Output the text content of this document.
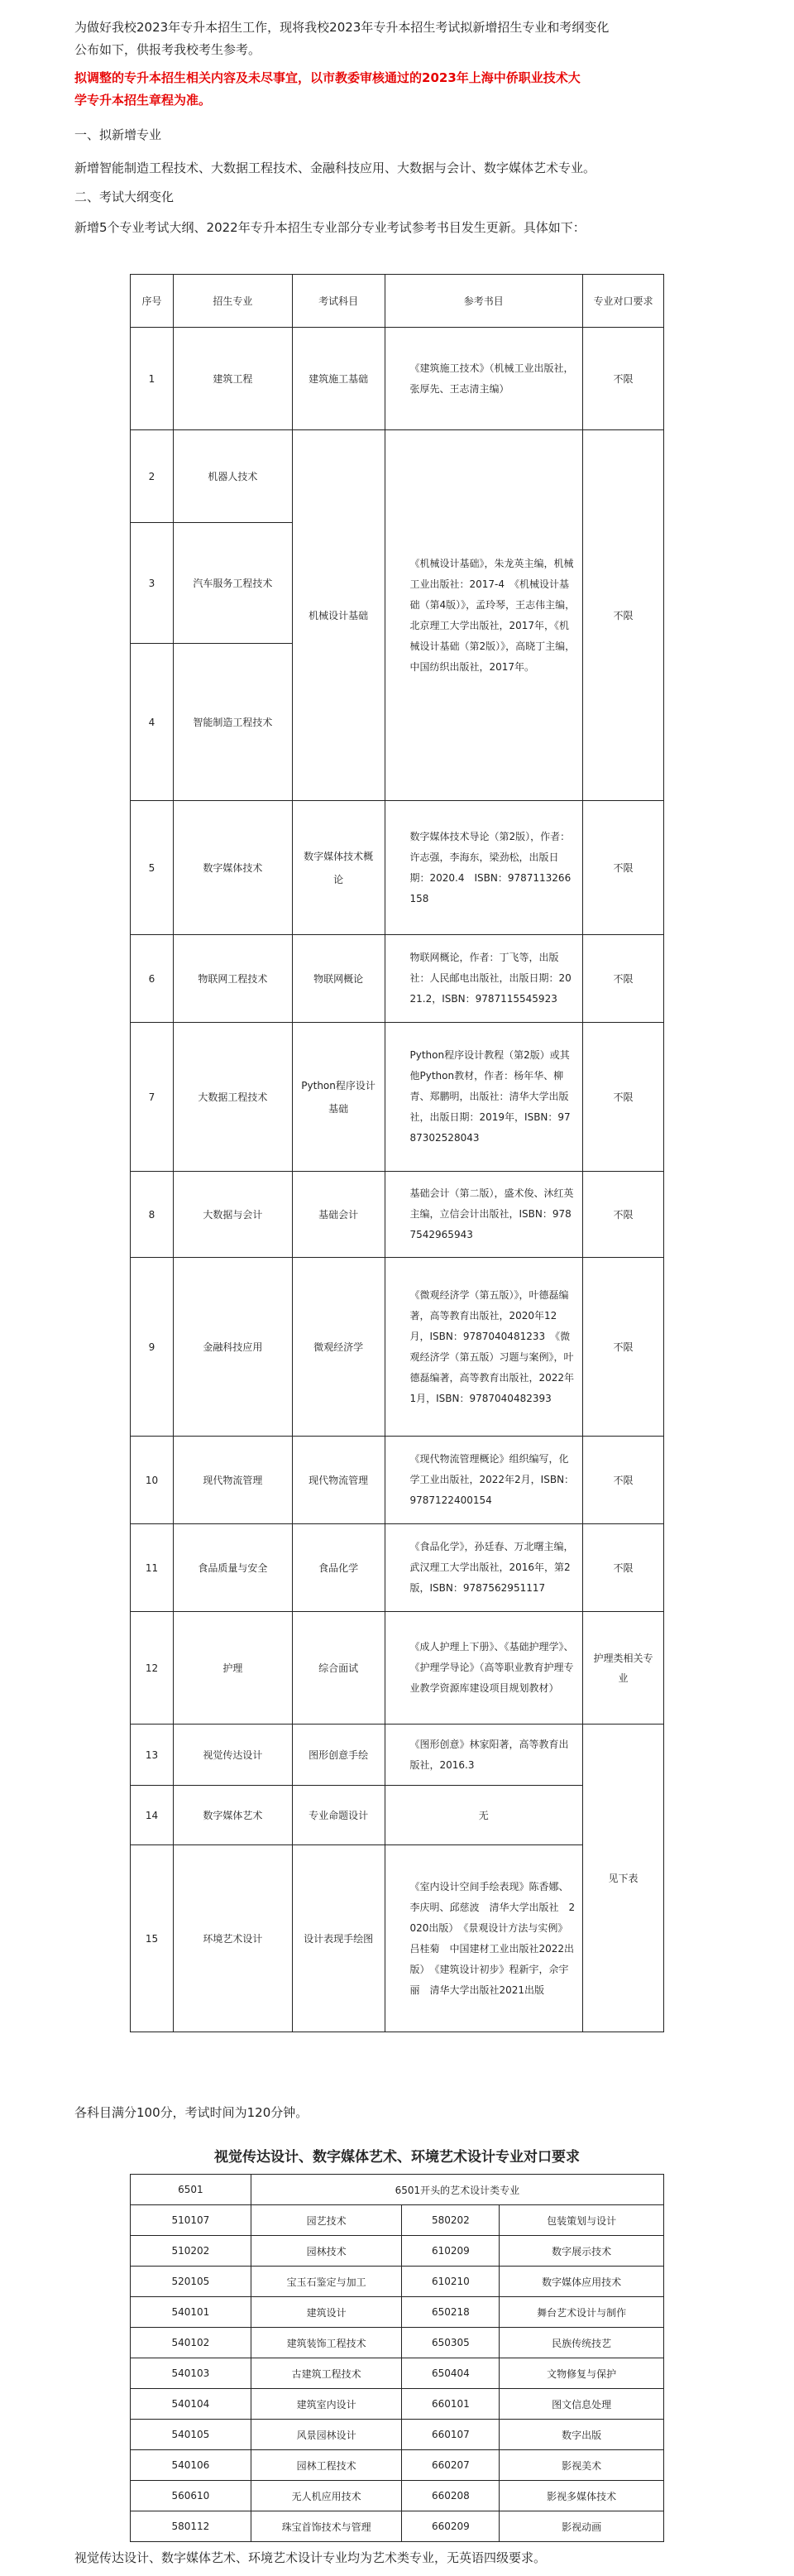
为做好我校2023年专升本招生工作，现将我校2023年专升本招生考试拟新增招生专业和考纲变化

公布如下，供报考我校考生参考。

拟调整的专升本招生相关内容及未尽事宜，以市教委审核通过的2023年上海中侨职业技术大

学专升本招生章程为准。

一、拟新增专业

新增智能制造工程技术、大数据工程技术、金融科技应用、大数据与会计、数字媒体艺术专业。

二、考试大纲变化

新增5个专业考试大纲、2022年专升本招生专业部分专业考试参考书目发生更新。具体如下：

序号	招生专业	考试科目	参考书目	专业对口要求
1	建筑工程	建筑施工基础	《建筑施工技术》（机械工业出版社，张厚先、王志清主编）	不限
2	机器人技术	机械设计基础	《机械设计基础》，朱龙英主编，机械工业出版社：2017-4　《机械设计基础（第4版）》，孟玲琴，王志伟主编，北京理工大学出版社，2017年，《机械设计基础（第2版）》，高晓丁主编，中国纺织出版社，2017年。	不限
3	汽车服务工程技术			
4	智能制造工程技术			
5	数字媒体技术	数字媒体技术概论	数字媒体技术导论（第2版），作者：许志强，李海东，梁劲松，出版日期：2020.4　ISBN：9787113266158	不限
6	物联网工程技术	物联网概论	物联网概论，作者：丁飞等，出版社：人民邮电出版社，出版日期：2021.2，ISBN：9787115545923	不限
7	大数据工程技术	Python程序设计基础	Python程序设计教程（第2版）或其他Python教材，作者：杨年华、柳青、郑鹏明，出版社：清华大学出版社，出版日期：2019年，ISBN：9787302528043	不限
8	大数据与会计	基础会计	基础会计（第二版），盛术俊、沐红英主编，立信会计出版社，ISBN：9787542965943	不限
9	金融科技应用	微观经济学	《微观经济学（第五版）》，叶德磊编著，高等教育出版社，2020年12月，ISBN：9787040481233　《微观经济学（第五版）习题与案例》，叶德磊编著，高等教育出版社，2022年1月，ISBN：9787040482393	不限
10	现代物流管理	现代物流管理	《现代物流管理概论》组织编写，化学工业出版社，2022年2月，ISBN：9787122400154	不限
11	食品质量与安全	食品化学	《食品化学》，孙廷春、万北曙主编，武汉理工大学出版社，2016年，第2版，ISBN：9787562951117	不限
12	护理	综合面试	《成人护理上下册》、《基础护理学》、《护理学导论》（高等职业教育护理专业教学资源库建设项目规划教材）	护理类相关专业
13	视觉传达设计	图形创意手绘	《图形创意》林家阳著，高等教育出版社，2016.3	见下表
14	数字媒体艺术	专业命题设计	无	
15	环境艺术设计	设计表现手绘图	《室内设计空间手绘表现》陈香娜、李庆明、邱慈波　清华大学出版社　2020出版）　《景观设计方法与实例》吕桂菊　中国建材工业出版社2022出版）　《建筑设计初步》程新宇，佘宇丽　清华大学出版社2021出版	

各科目满分100分，考试时间为120分钟。

视觉传达设计、数字媒体艺术、环境艺术设计专业对口要求
6501	6501开头的艺术设计类专业		
510107	园艺技术	580202	包装策划与设计
510202	园林技术	610209	数字展示技术
520105	宝玉石鉴定与加工	610210	数字媒体应用技术
540101	建筑设计	650218	舞台艺术设计与制作
540102	建筑装饰工程技术	650305	民族传统技艺
540103	古建筑工程技术	650404	文物修复与保护
540104	建筑室内设计	660101	图文信息处理
540105	风景园林设计	660107	数字出版
540106	园林工程技术	660207	影视美术
560610	无人机应用技术	660208	影视多媒体技术
580112	珠宝首饰技术与管理	660209	影视动画

视觉传达设计、数字媒体艺术、环境艺术设计专业均为艺术类专业，无英语四级要求。
